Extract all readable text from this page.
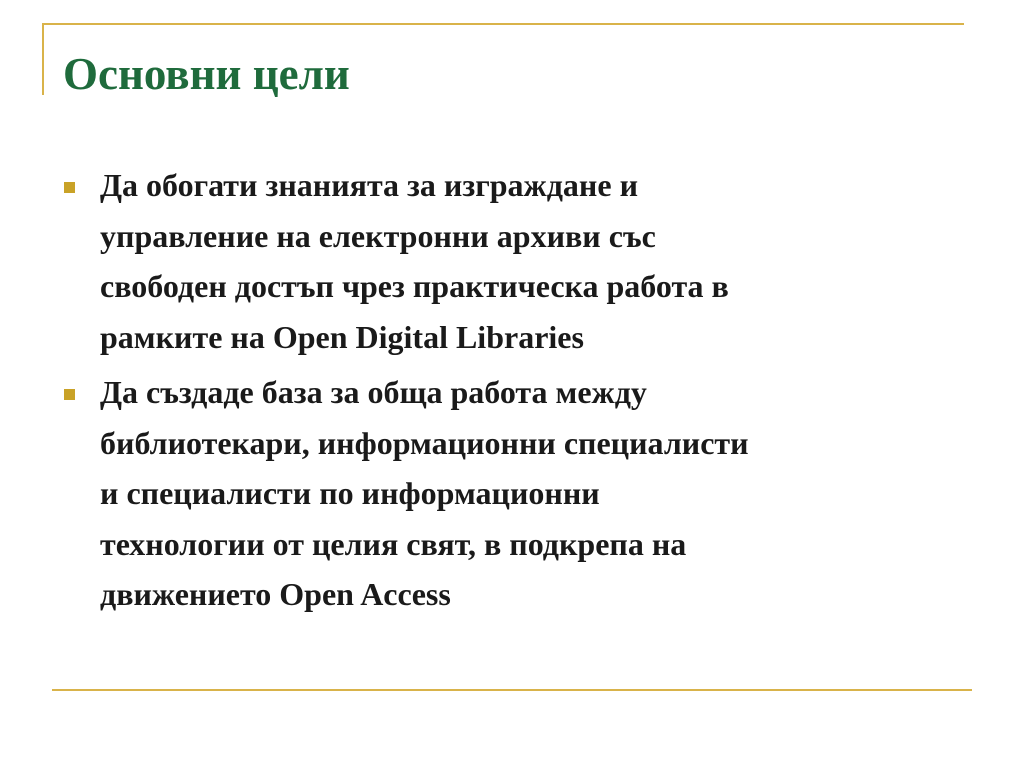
Основни цели
Да обогати знанията за изграждане и
управление на електронни архиви със
свободен достъп чрез практическа работа в
рамките на Open Digital Libraries
Да създаде база за обща работа между
библиотекари, информационни специалисти
и специалисти по информационни
технологии от целия свят, в подкрепа на
движението Open Access
